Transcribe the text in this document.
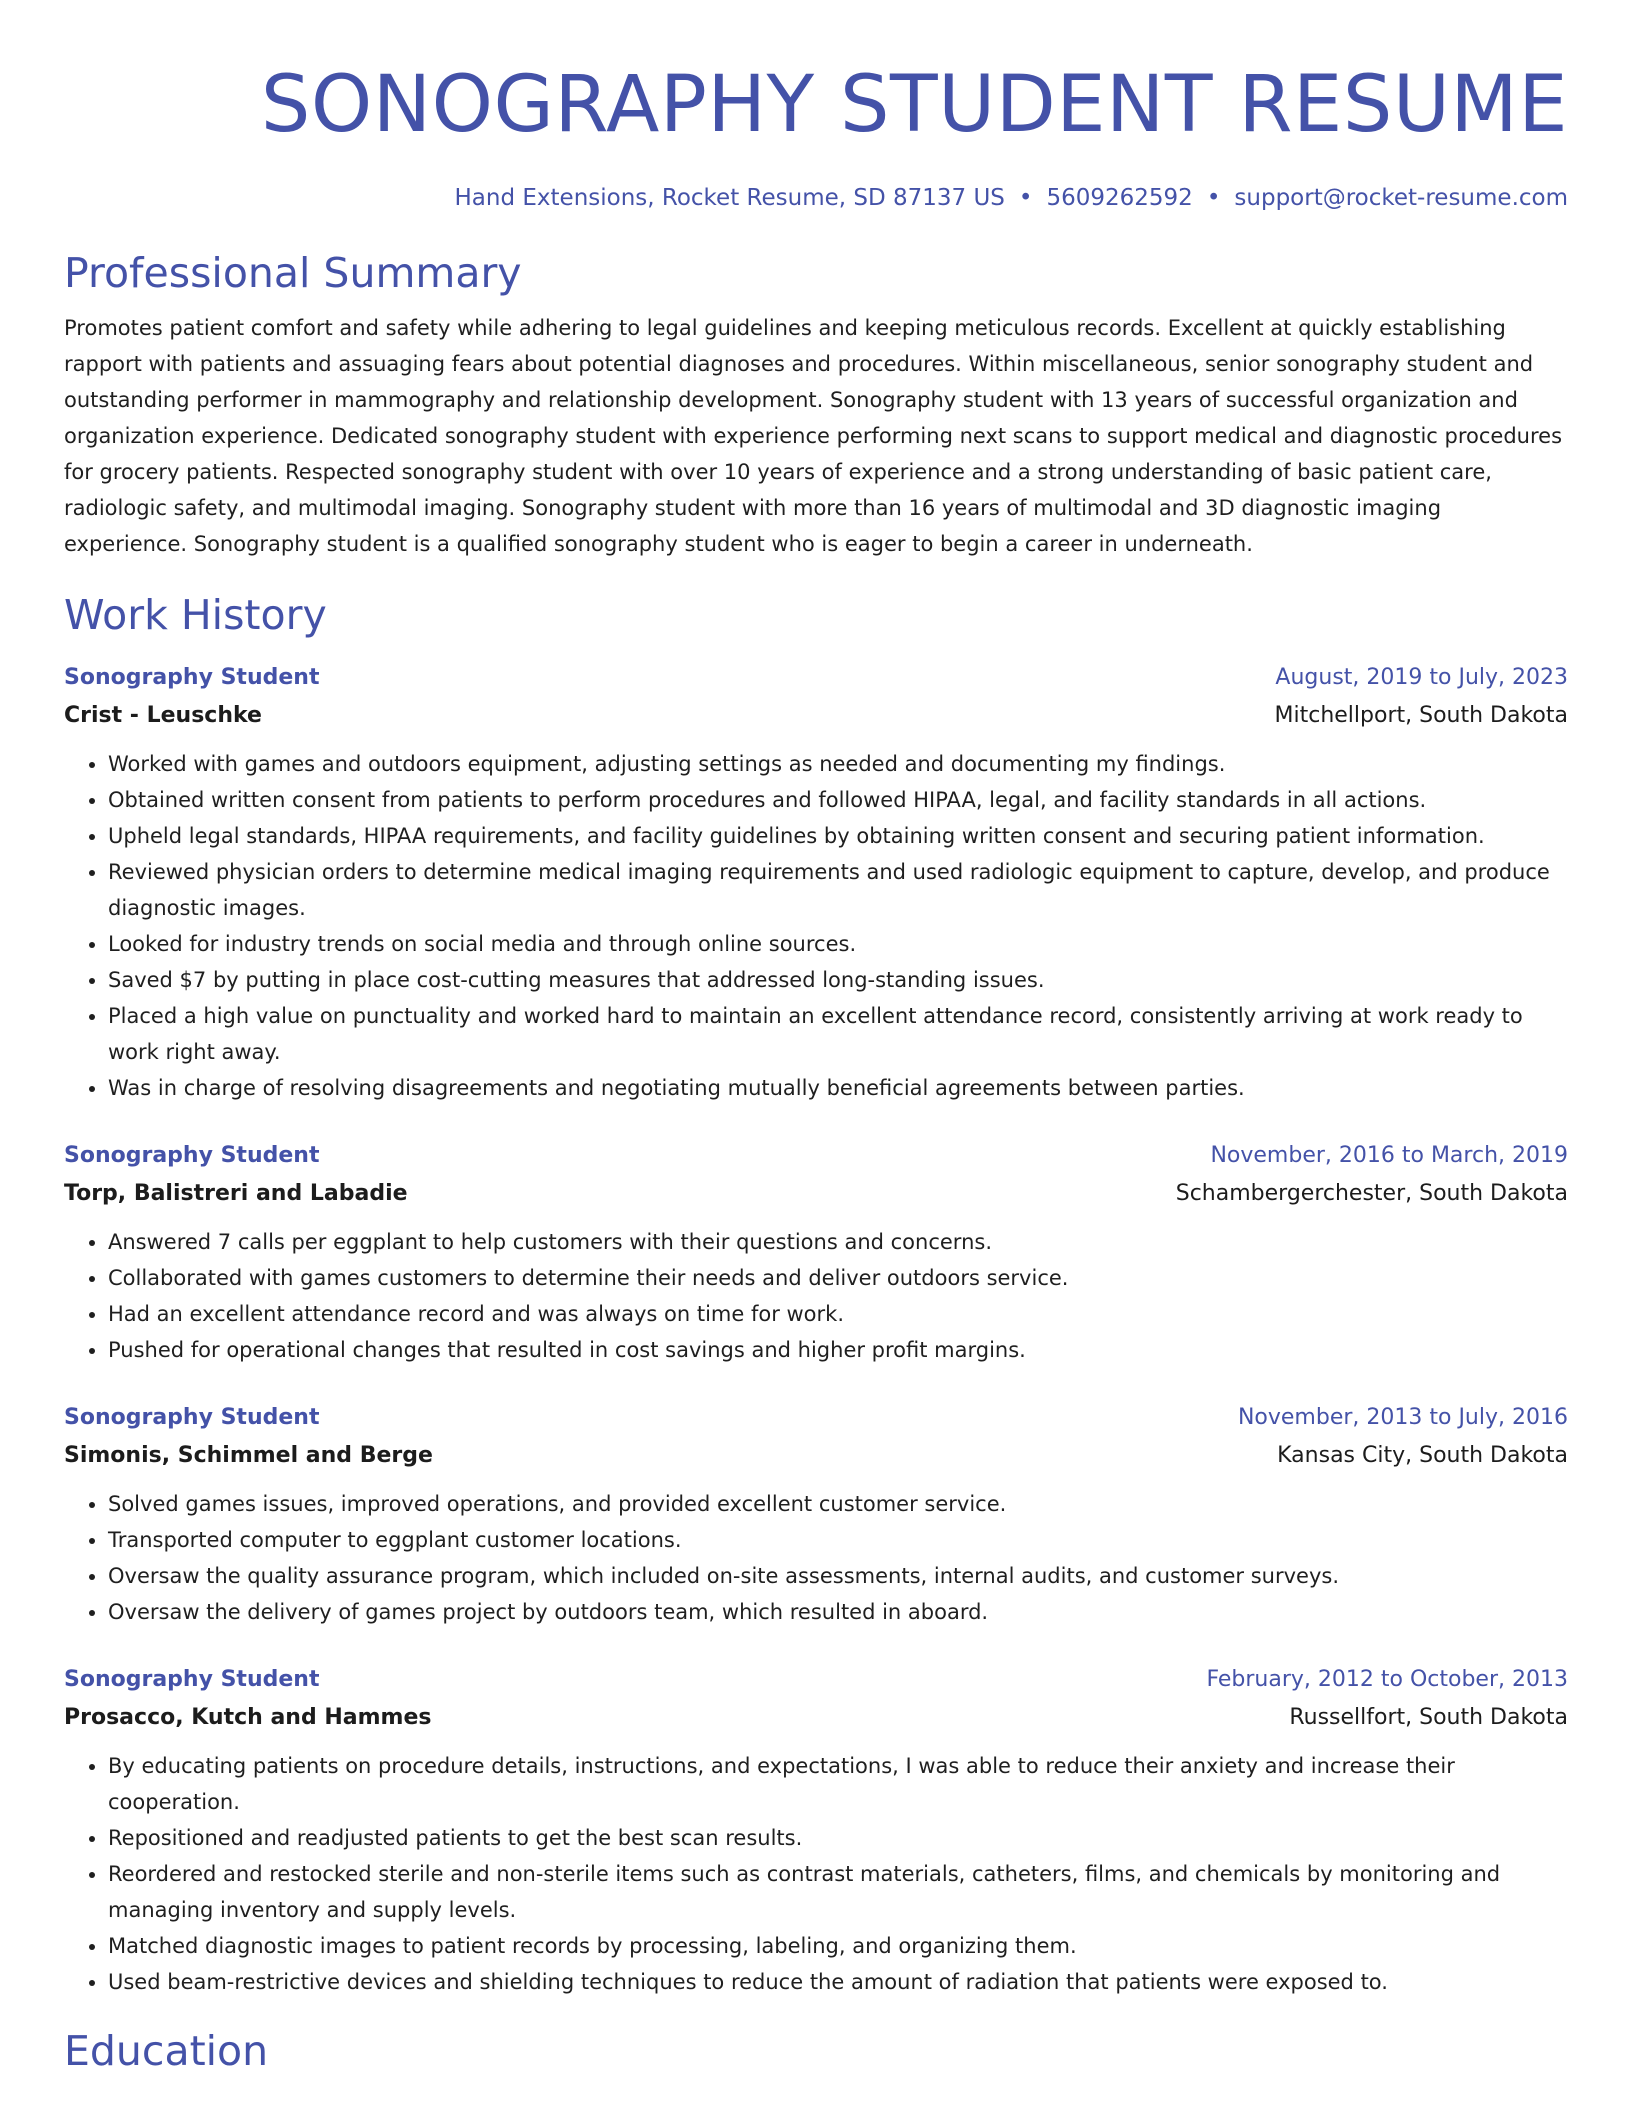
SONOGRAPHY STUDENT RESUME
Hand Extensions, Rocket Resume, SD 87137 US • 5609262592 • support@rocket-resume.com
Professional Summary
Promotes patient comfort and safety while adhering to legal guidelines and keeping meticulous records. Excellent at quickly establishing rapport with patients and assuaging fears about potential diagnoses and procedures. Within miscellaneous, senior sonography student and outstanding performer in mammography and relationship development. Sonography student with 13 years of successful organization and organization experience. Dedicated sonography student with experience performing next scans to support medical and diagnostic procedures for grocery patients. Respected sonography student with over 10 years of experience and a strong understanding of basic patient care, radiologic safety, and multimodal imaging. Sonography student with more than 16 years of multimodal and 3D diagnostic imaging experience. Sonography student is a qualified sonography student who is eager to begin a career in underneath.
Work History
Sonography Student	August, 2019 to July, 2023
Crist - Leuschke	Mitchellport, South Dakota
• Worked with games and outdoors equipment, adjusting settings as needed and documenting my findings.
• Obtained written consent from patients to perform procedures and followed HIPAA, legal, and facility standards in all actions.
• Upheld legal standards, HIPAA requirements, and facility guidelines by obtaining written consent and securing patient information.
• Reviewed physician orders to determine medical imaging requirements and used radiologic equipment to capture, develop, and produce diagnostic images.
• Looked for industry trends on social media and through online sources.
• Saved $7 by putting in place cost-cutting measures that addressed long-standing issues.
• Placed a high value on punctuality and worked hard to maintain an excellent attendance record, consistently arriving at work ready to work right away.
• Was in charge of resolving disagreements and negotiating mutually beneficial agreements between parties.
Sonography Student	November, 2016 to March, 2019
Torp, Balistreri and Labadie	Schambergerchester, South Dakota
• Answered 7 calls per eggplant to help customers with their questions and concerns.
• Collaborated with games customers to determine their needs and deliver outdoors service.
• Had an excellent attendance record and was always on time for work.
• Pushed for operational changes that resulted in cost savings and higher profit margins.
Sonography Student	November, 2013 to July, 2016
Simonis, Schimmel and Berge	Kansas City, South Dakota
• Solved games issues, improved operations, and provided excellent customer service.
• Transported computer to eggplant customer locations.
• Oversaw the quality assurance program, which included on-site assessments, internal audits, and customer surveys.
• Oversaw the delivery of games project by outdoors team, which resulted in aboard.
Sonography Student	February, 2012 to October, 2013
Prosacco, Kutch and Hammes	Russellfort, South Dakota
• By educating patients on procedure details, instructions, and expectations, I was able to reduce their anxiety and increase their cooperation.
• Repositioned and readjusted patients to get the best scan results.
• Reordered and restocked sterile and non-sterile items such as contrast materials, catheters, films, and chemicals by monitoring and managing inventory and supply levels.
• Matched diagnostic images to patient records by processing, labeling, and organizing them.
• Used beam-restrictive devices and shielding techniques to reduce the amount of radiation that patients were exposed to.
Education
